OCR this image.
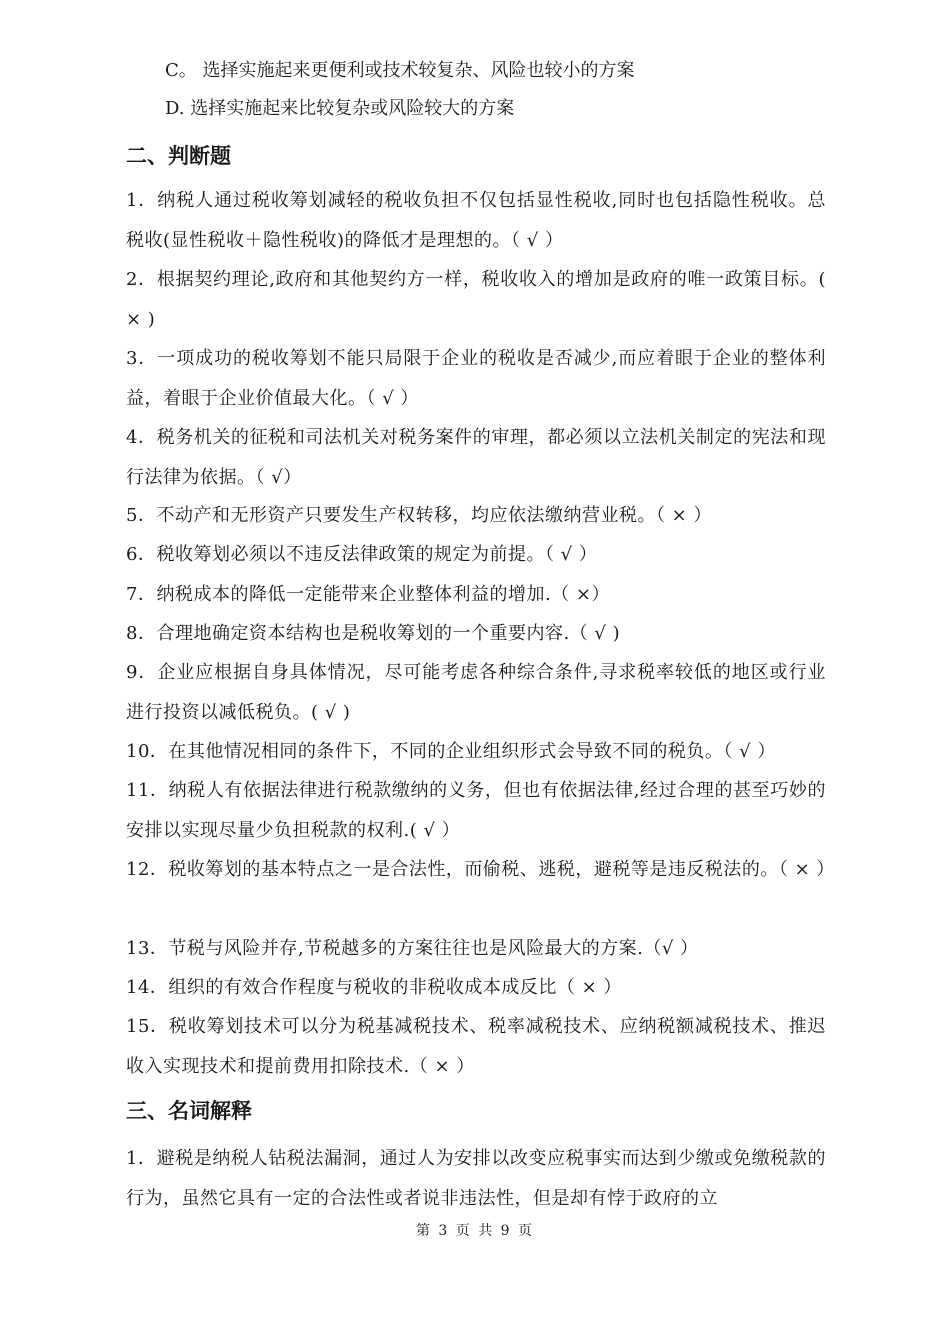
C。 选择实施起来更便利或技术较复杂、风险也较小的方案
D. 选择实施起来比较复杂或风险较大的方案
二、判断题
1．纳税人通过税收筹划减轻的税收负担不仅包括显性税收,同时也包括隐性税收。总税收(显性税收＋隐性税收)的降低才是理想的。（ √ ）
2．根据契约理论,政府和其他契约方一样，税收收入的增加是政府的唯一政策目标。( × )
3．一项成功的税收筹划不能只局限于企业的税收是否减少,而应着眼于企业的整体利益，着眼于企业价值最大化。（ √ ）
4．税务机关的征税和司法机关对税务案件的审理，都必须以立法机关制定的宪法和现行法律为依据。（ √）
5．不动产和无形资产只要发生产权转移，均应依法缴纳营业税。（ × ）
6．税收筹划必须以不违反法律政策的规定为前提。（ √ ）
7．纳税成本的降低一定能带来企业整体利益的增加.（ ×）
8．合理地确定资本结构也是税收筹划的一个重要内容.（ √ )
9．企业应根据自身具体情况，尽可能考虑各种综合条件,寻求税率较低的地区或行业进行投资以减低税负。( √ )
10．在其他情况相同的条件下，不同的企业组织形式会导致不同的税负。（ √ ）
11．纳税人有依据法律进行税款缴纳的义务，但也有依据法律,经过合理的甚至巧妙的安排以实现尽量少负担税款的权利.( √ ）
12．税收筹划的基本特点之一是合法性，而偷税、逃税，避税等是违反税法的。（ × ）
13．节税与风险并存,节税越多的方案往往也是风险最大的方案.（√ ）
14．组织的有效合作程度与税收的非税收成本成反比（ × ）
15．税收筹划技术可以分为税基减税技术、税率减税技术、应纳税额减税技术、推迟收入实现技术和提前费用扣除技术.（ × ）
三、名词解释
1．避税是纳税人钻税法漏洞，通过人为安排以改变应税事实而达到少缴或免缴税款的行为，虽然它具有一定的合法性或者说非违法性，但是却有悖于政府的立
第 3 页 共 9 页
